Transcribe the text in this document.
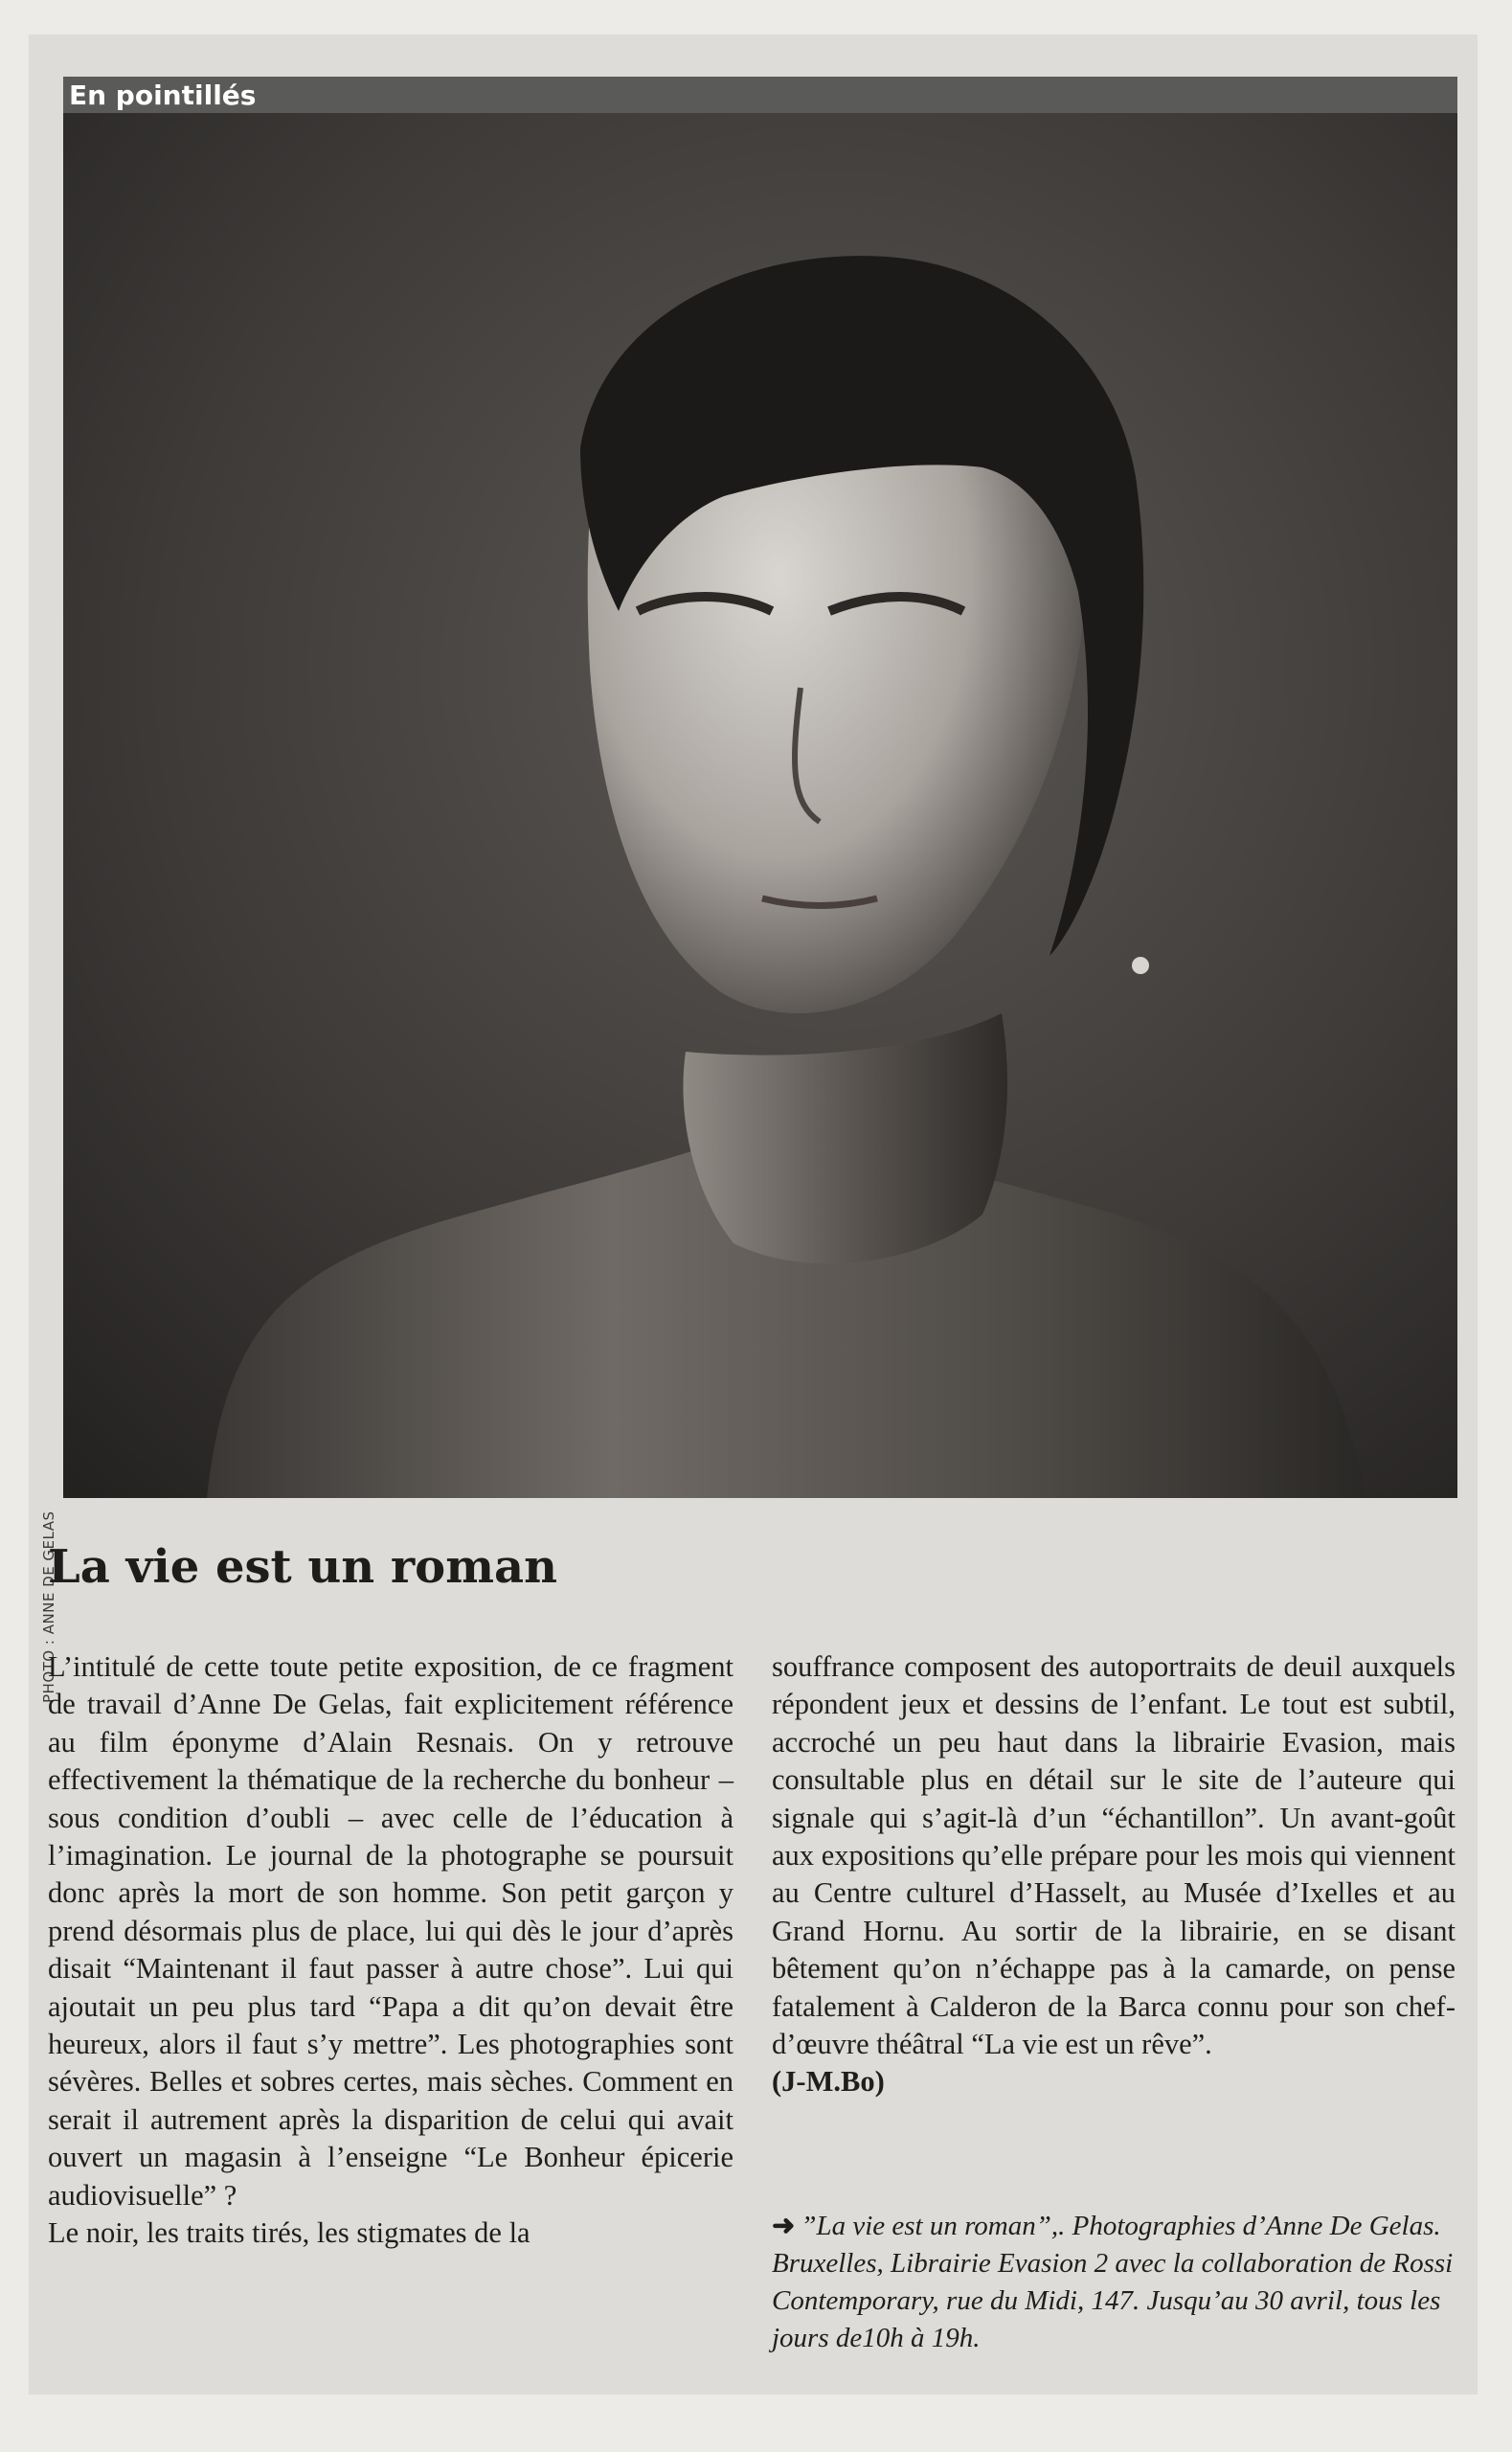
En pointillés
PHOTO : ANNE DE GELAS
La vie est un roman

L’intitulé de cette toute petite exposition, de ce fragment de travail d’Anne De Gelas, fait explicitement référence au film éponyme d’Alain Resnais. On y retrouve effectivement la thématique de la recherche du bonheur – sous condition d’oubli – avec celle de l’éducation à l’imagination. Le journal de la photographe se poursuit donc après la mort de son homme. Son petit garçon y prend désormais plus de place, lui qui dès le jour d’après disait “Maintenant il faut passer à autre chose”. Lui qui ajoutait un peu plus tard “Papa a dit qu’on devait être heureux, alors il faut s’y mettre”. Les photographies sont sévères. Belles et sobres certes, mais sèches. Comment en serait il autrement après la disparition de celui qui avait ouvert un magasin à l’enseigne “Le Bonheur épicerie audiovisuelle” ?

Le noir, les traits tirés, les stigmates de la

souffrance composent des autoportraits de deuil auxquels répondent jeux et dessins de l’enfant. Le tout est subtil, accroché un peu haut dans la librairie Evasion, mais consultable plus en détail sur le site de l’auteure qui signale qui s’agit-là d’un “échantillon”. Un avant-goût aux expositions qu’elle prépare pour les mois qui viennent au Centre culturel d’Hasselt, au Musée d’Ixelles et au Grand Hornu. Au sortir de la librairie, en se disant bêtement qu’on n’échappe pas à la camarde, on pense fatalement à Calderon de la Barca connu pour son chef-d’œuvre théâtral “La vie est un rêve”.

(J-M.Bo)

➜ ”La vie est un roman”,. Photographies d’Anne De Gelas. Bruxelles, Librairie Evasion 2 avec la collaboration de Rossi Contemporary, rue du Midi, 147. Jusqu’au 30 avril, tous les jours de10h à 19h.
